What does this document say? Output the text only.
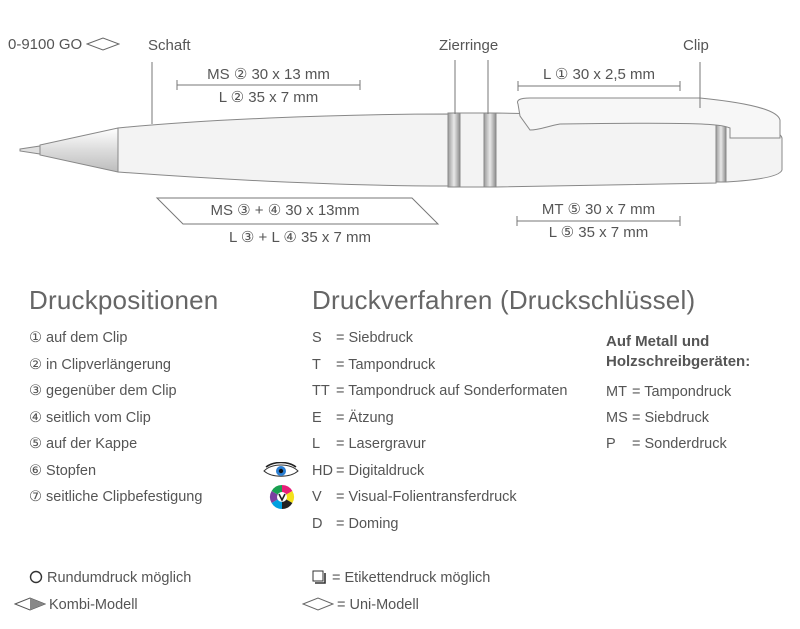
0-9100 GO	Schaft	Zierringe	Clip
MS ② 30 x 13 mm
L ② 35 x 7 mm
L ① 30 x 2,5 mm
MS ③ + ④ 30 x 13mm
L ③ + L ④ 35 x 7 mm
MT ⑤ 30 x 7 mm
L ⑤ 35 x 7 mm
Druckpositionen
① auf dem Clip
② in Clipverlängerung
③ gegenüber dem Clip
④ seitlich vom Clip
⑤ auf der Kappe
⑥ Stopfen
⑦ seitliche Clipbefestigung
Druckverfahren (Druckschlüssel)
S = Siebdruck
T = Tampondruck
TT = Tampondruck auf Sonderformaten
E = Ätzung
L = Lasergravur
HD = Digitaldruck
V = Visual-Folientransferdruck
D = Doming
Auf Metall und
Holzschreibgeräten:
MT = Tampondruck
MS = Siebdruck
P = Sonderdruck
Rundumdruck möglich
Kombi-Modell
= Etikettendruck möglich
= Uni-Modell
